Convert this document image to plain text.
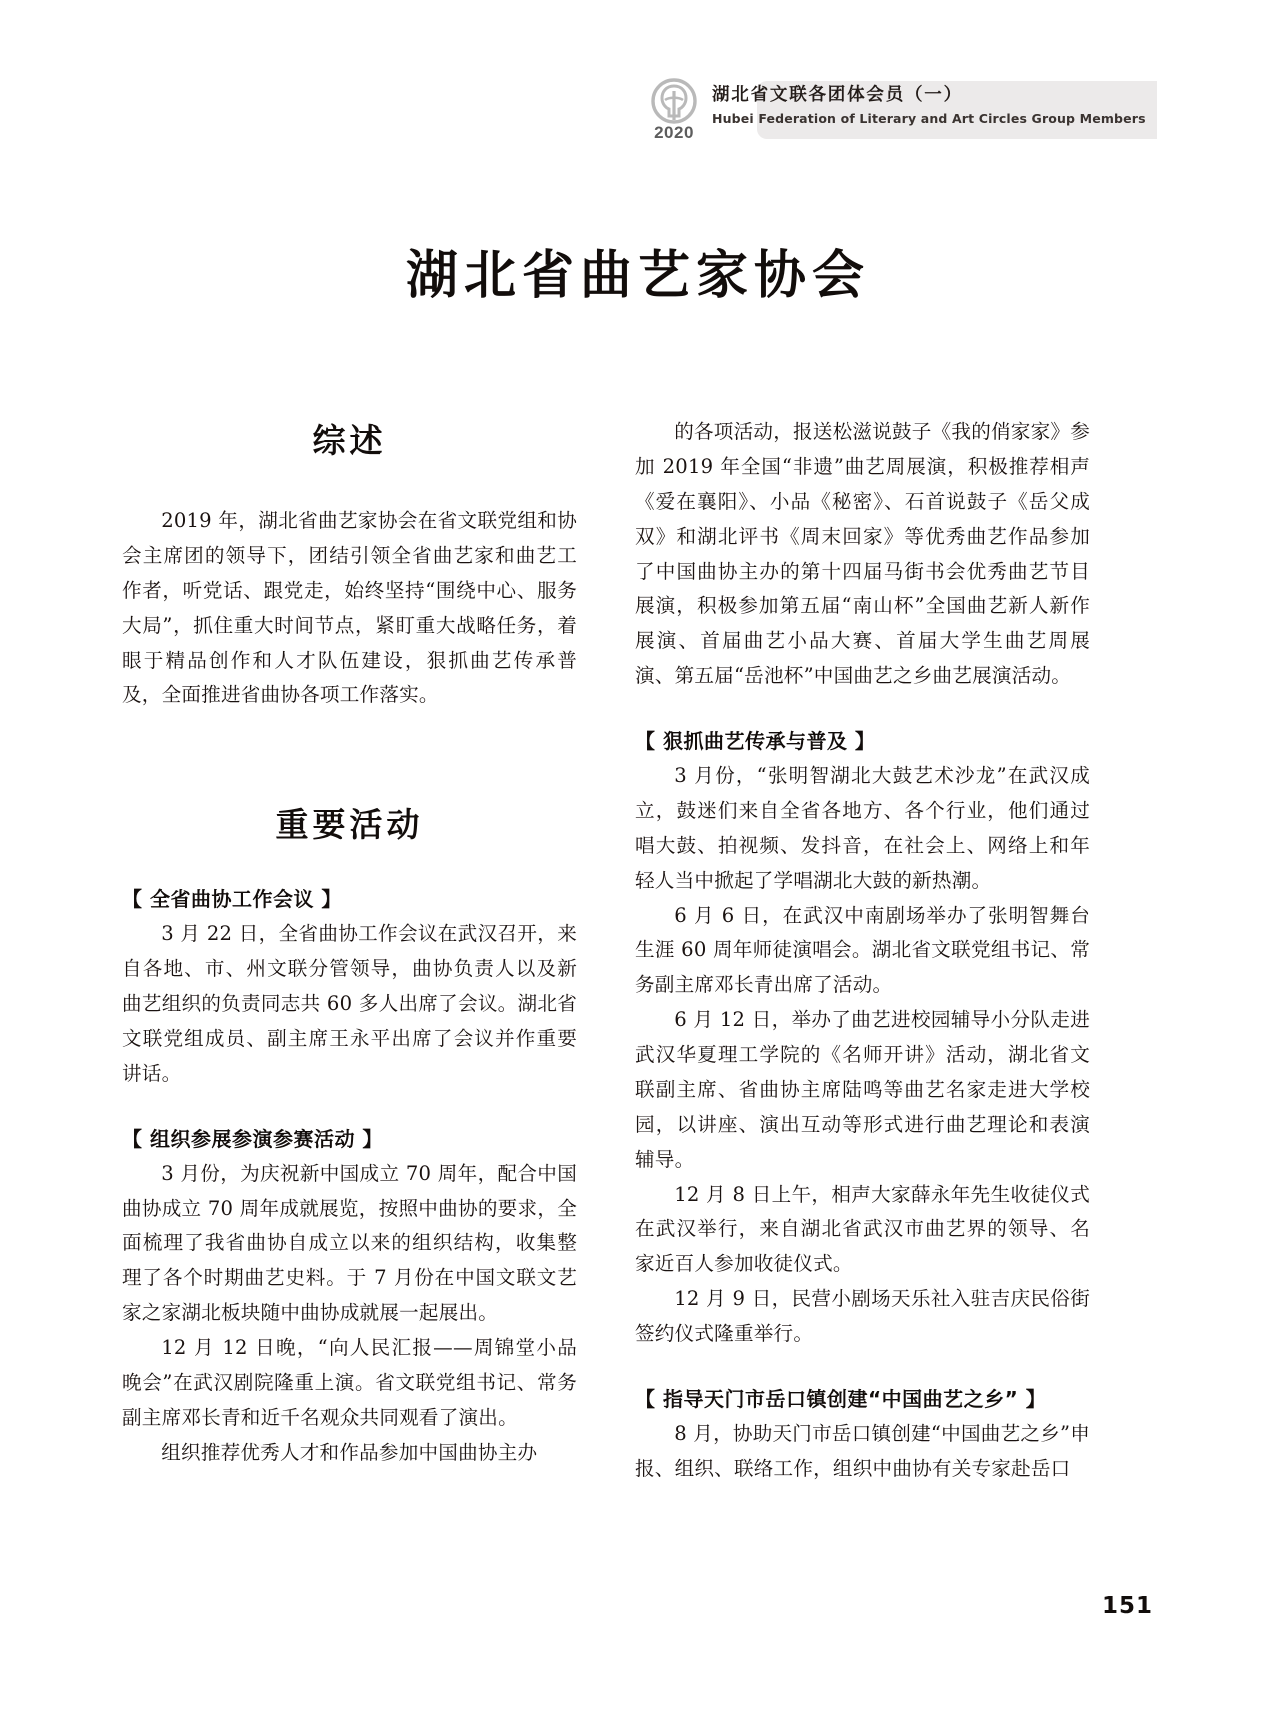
2020
湖北省文联各团体会员（一）
Hubei Federation of Literary and Art Circles Group Members
湖北省曲艺家协会
综述

2019 年，湖北省曲艺家协会在省文联党组和协会主席团的领导下，团结引领全省曲艺家和曲艺工作者，听党话、跟党走，始终坚持“围绕中心、服务大局”，抓住重大时间节点，紧盯重大战略任务，着眼于精品创作和人才队伍建设，狠抓曲艺传承普及，全面推进省曲协各项工作落实。

重要活动
【 全省曲协工作会议 】

3 月 22 日，全省曲协工作会议在武汉召开，来自各地、市、州文联分管领导，曲协负责人以及新曲艺组织的负责同志共 60 多人出席了会议。湖北省文联党组成员、副主席王永平出席了会议并作重要讲话。

【 组织参展参演参赛活动 】

3 月份，为庆祝新中国成立 70 周年，配合中国曲协成立 70 周年成就展览，按照中曲协的要求，全面梳理了我省曲协自成立以来的组织结构，收集整理了各个时期曲艺史料。于 7 月份在中国文联文艺家之家湖北板块随中曲协成就展一起展出。

12 月 12 日晚，“向人民汇报——周锦堂小品晚会”在武汉剧院隆重上演。省文联党组书记、常务副主席邓长青和近千名观众共同观看了演出。

组织推荐优秀人才和作品参加中国曲协主办

的各项活动，报送松滋说鼓子《我的俏家家》参加 2019 年全国“非遗”曲艺周展演，积极推荐相声《爱在襄阳》、小品《秘密》、石首说鼓子《岳父成双》和湖北评书《周末回家》等优秀曲艺作品参加了中国曲协主办的第十四届马街书会优秀曲艺节目展演，积极参加第五届“南山杯”全国曲艺新人新作展演、首届曲艺小品大赛、首届大学生曲艺周展演、第五届“岳池杯”中国曲艺之乡曲艺展演活动。

【 狠抓曲艺传承与普及 】

3 月份，“张明智湖北大鼓艺术沙龙”在武汉成立，鼓迷们来自全省各地方、各个行业，他们通过唱大鼓、拍视频、发抖音，在社会上、网络上和年轻人当中掀起了学唱湖北大鼓的新热潮。

6 月 6 日，在武汉中南剧场举办了张明智舞台生涯 60 周年师徒演唱会。湖北省文联党组书记、常务副主席邓长青出席了活动。

6 月 12 日，举办了曲艺进校园辅导小分队走进武汉华夏理工学院的《名师开讲》活动，湖北省文联副主席、省曲协主席陆鸣等曲艺名家走进大学校园，以讲座、演出互动等形式进行曲艺理论和表演辅导。

12 月 8 日上午，相声大家薛永年先生收徒仪式在武汉举行，来自湖北省武汉市曲艺界的领导、名家近百人参加收徒仪式。

12 月 9 日，民营小剧场天乐社入驻吉庆民俗街签约仪式隆重举行。

【 指导天门市岳口镇创建“中国曲艺之乡” 】

8 月，协助天门市岳口镇创建“中国曲艺之乡”申报、组织、联络工作，组织中曲协有关专家赴岳口

151
